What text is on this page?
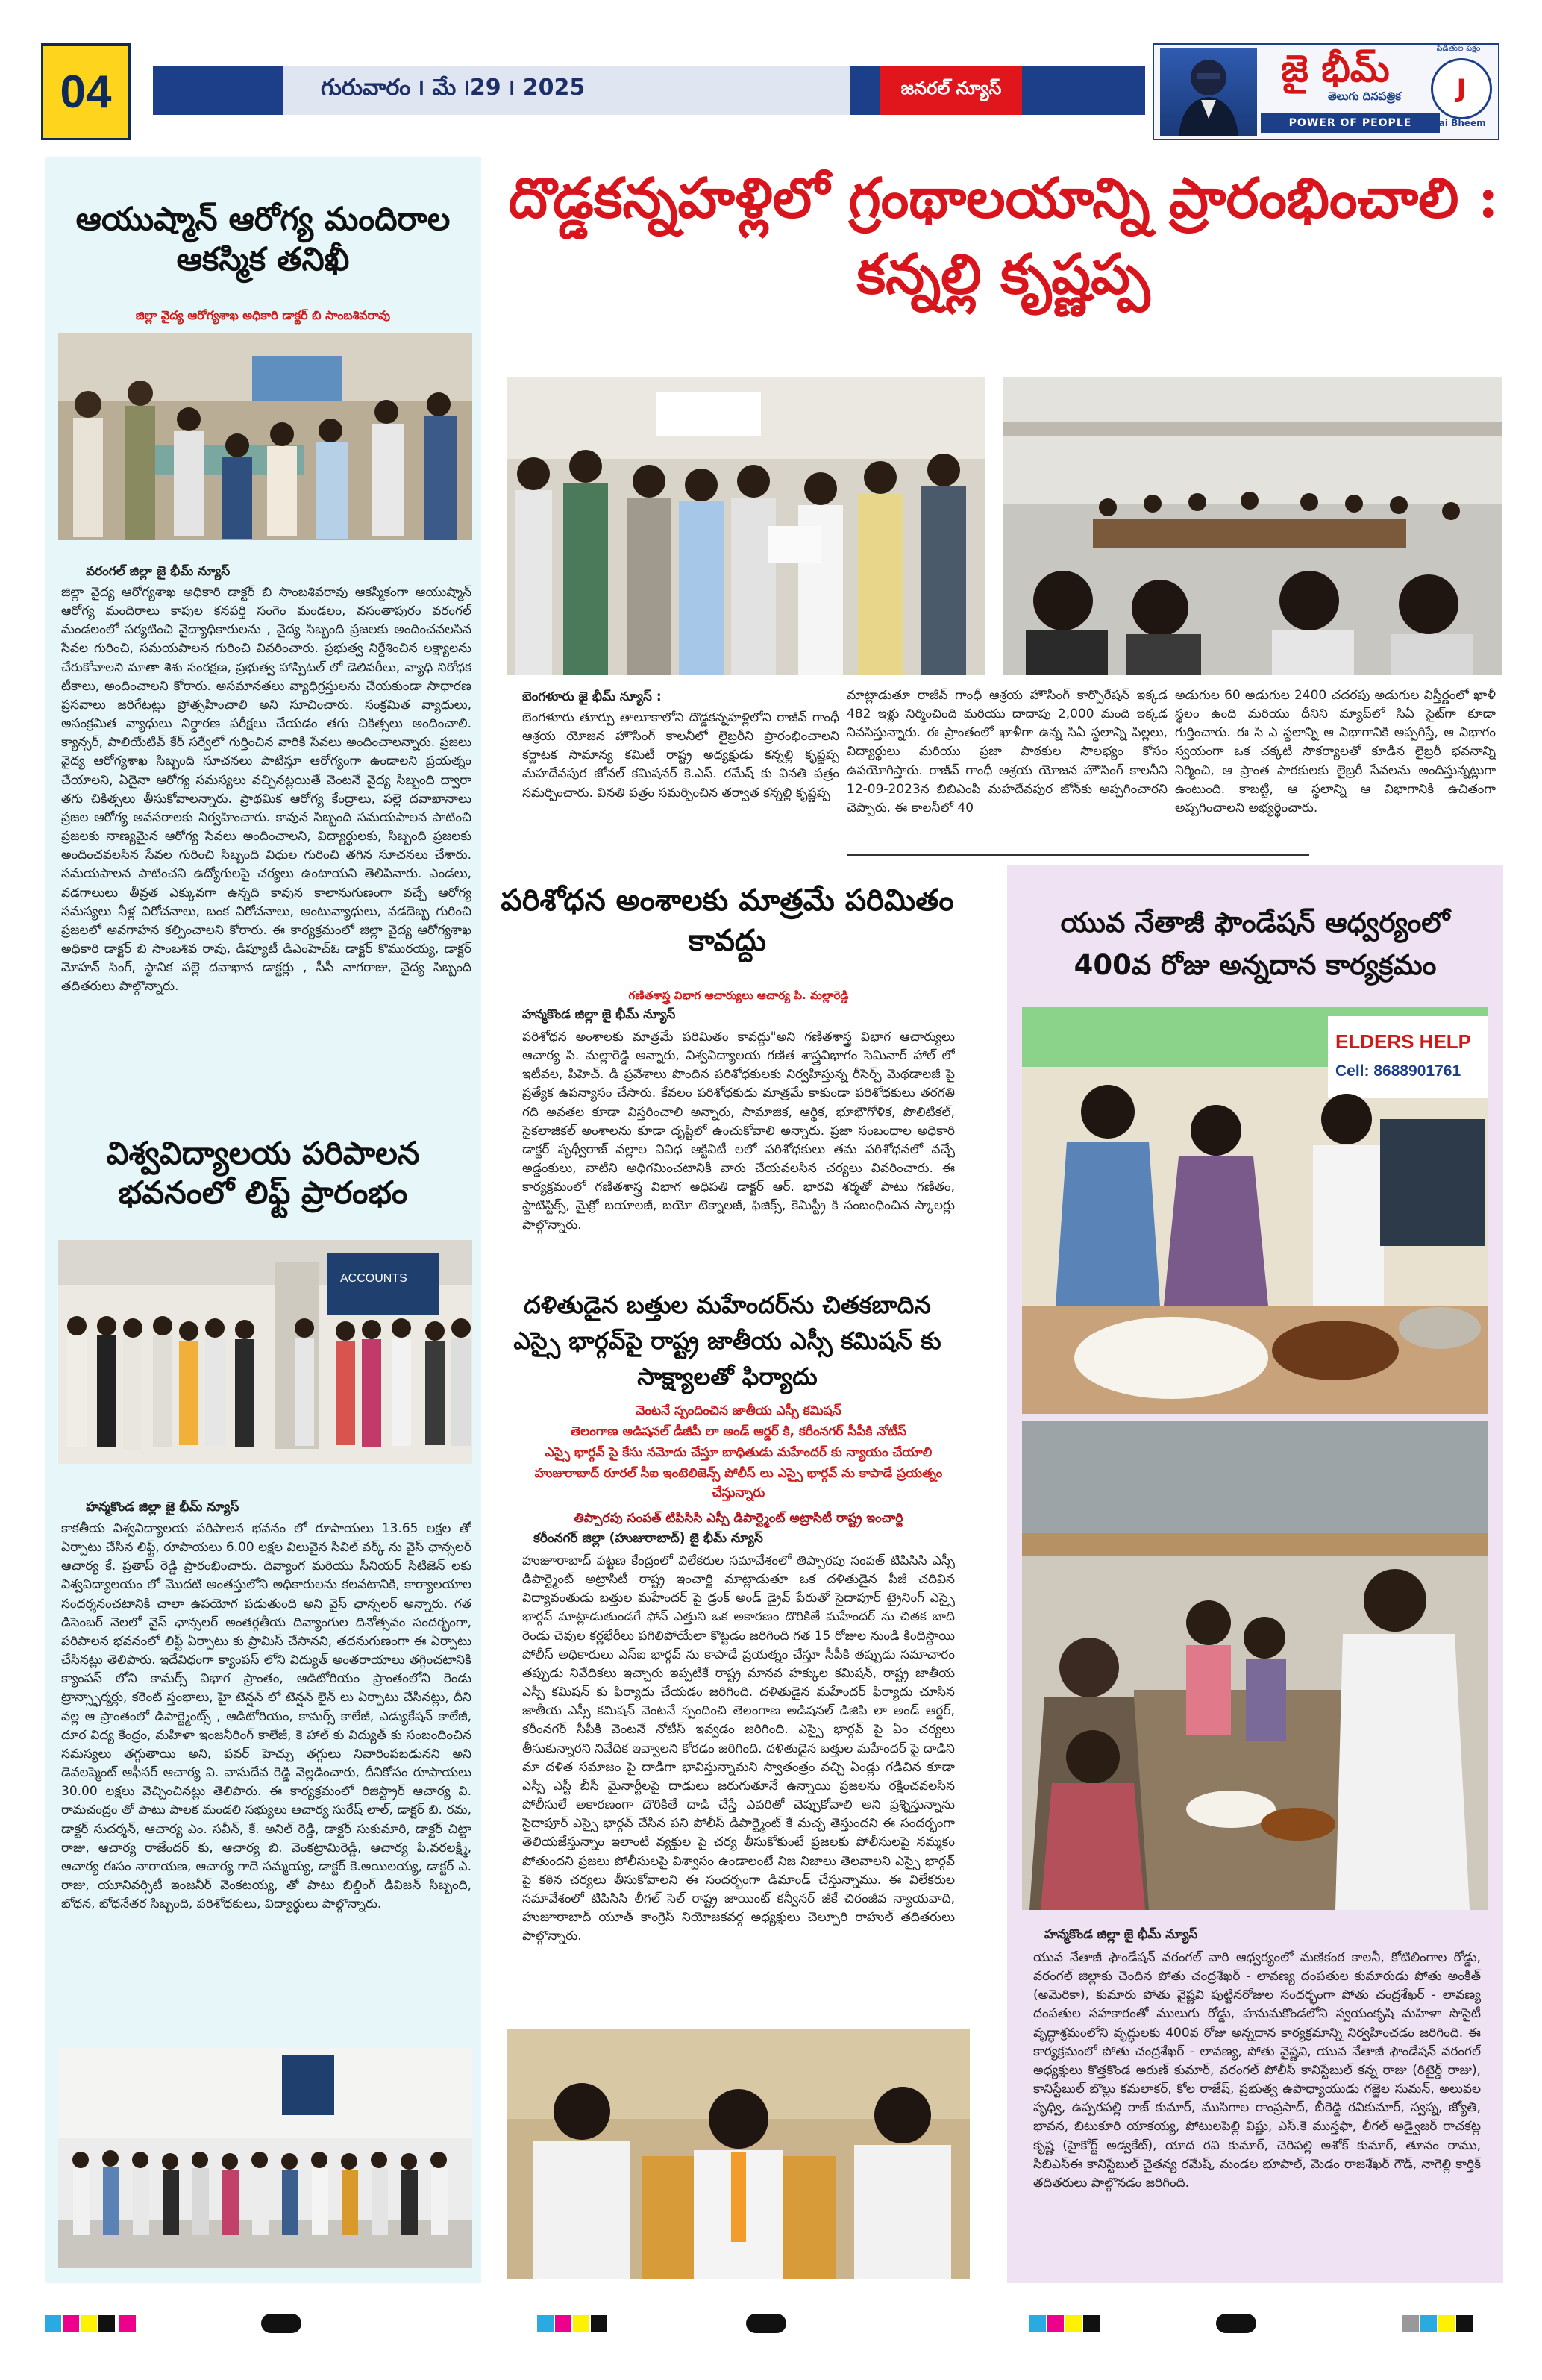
04	గురువారం ౹ మే ౹29 ౹ 2025	జనరల్ న్యూస్	జై భీమ్
తెలుగు దినపత్రిక
POWER OF PEOPLE
J
Jai Bheem
పీడితుల పక్షం
ఆయుష్మాన్ ఆరోగ్య మందిరాల ఆకస్మిక తనిఖీ
జిల్లా వైద్య ఆరోగ్యశాఖ అధికారి డాక్టర్ బి సాంబశివరావు
వరంగల్ జిల్లా జై భీమ్ న్యూస్
జిల్లా వైద్య ఆరోగ్యశాఖ అధికారి డాక్టర్ బి సాంబశివరావు ఆకస్మికంగా ఆయుష్మాన్ ఆరోగ్య మందిరాలు కాపుల కనపర్తి సంగెం మండలం, వసంతాపురం వరంగల్ మండలంలో పర్యటించి వైద్యాధికారులను , వైద్య సిబ్బంది ప్రజలకు అందించవలసిన సేవల గురించి, సమయపాలన గురించి వివరించారు. ప్రభుత్వ నిర్దేశించిన లక్ష్యాలను చేరుకోవాలని మాతా శిశు సంరక్షణ, ప్రభుత్వ హాస్పిటల్ లో డెలివరీలు, వ్యాధి నిరోధక టీకాలు, అందించాలని కోరారు. అసమానతలు వ్యాధిగ్రస్తులను చేయకుండా సాధారణ ప్రసవాలు జరిగేటట్లు ప్రోత్సహించాలి అని సూచించారు. సంక్రమిత వ్యాధులు, అసంక్రమిత వ్యాధులు నిర్ధారణ పరీక్షలు చేయడం తగు చికిత్సలు అందించాలి. క్యాన్సర్, పాలియేటివ్ కేర్ సర్వేలో గుర్తించిన వారికి సేవలు అందించాలన్నారు. ప్రజలు వైద్య ఆరోగ్యశాఖ సిబ్బంది సూచనలు పాటిస్తూ ఆరోగ్యంగా ఉండాలని ప్రయత్నం చేయాలని, ఏదైనా ఆరోగ్య సమస్యలు వచ్చినట్లయితే వెంటనే వైద్య సిబ్బంది ద్వారా తగు చికిత్సలు తీసుకోవాలన్నారు. ప్రాథమిక ఆరోగ్య కేంద్రాలు, పల్లె దవాఖానాలు ప్రజల ఆరోగ్య అవసరాలకు నిర్వహించారు. కావున సిబ్బంది సమయపాలన పాటించి ప్రజలకు నాణ్యమైన ఆరోగ్య సేవలు అందించాలని, విద్యార్థులకు, సిబ్బంది ప్రజలకు అందించవలసిన సేవల గురించి సిబ్బంది విధుల గురించి తగిన సూచనలు చేశారు. సమయపాలన పాటించని ఉద్యోగులపై చర్యలు ఉంటాయని తెలిపినారు. ఎండలు, వడగాలులు తీవ్రత ఎక్కువగా ఉన్నది కావున కాలానుగుణంగా వచ్చే ఆరోగ్య సమస్యలు నీళ్ల విరోచనాలు, బంక విరోచనాలు, అంటువ్యాధులు, వడదెబ్బ గురించి ప్రజలలో అవగాహన కల్పించాలని కోరారు. ఈ కార్యక్రమంలో జిల్లా వైద్య ఆరోగ్యశాఖ అధికారి డాక్టర్ బి సాంబశివ రావు, డిప్యూటీ డిఎంహెచ్ఓ డాక్టర్ కొమురయ్య, డాక్టర్ మోహన్ సింగ్, స్థానిక పల్లె దవాఖాన డాక్టర్లు , సీసీ నాగరాజు, వైద్య సిబ్బంది తదితరులు పాల్గొన్నారు.
విశ్వవిద్యాలయ పరిపాలన భవనంలో లిఫ్ట్ ప్రారంభం
ACCOUNTS
హన్మకొండ జిల్లా జై భీమ్ న్యూస్
కాకతీయ విశ్వవిద్యాలయ పరిపాలన భవనం లో రూపాయలు 13.65 లక్షల తో ఏర్పాటు చేసిన లిఫ్ట్, రూపాయలు 6.00 లక్షల విలువైన సివిల్ వర్క్ ను వైస్ ఛాన్సలర్ ఆచార్య కే. ప్రతాప్ రెడ్డి ప్రారంభించారు. దివ్యాంగ మరియు సీనియర్ సిటిజెన్ లకు విశ్వవిద్యాలయం లో మొదటి అంతస్తులోని అధికారులను కలవటానికి, కార్యాలయాల సందర్శనంచటానికి చాలా ఉపయోగ పడుతుంది అని వైస్ ఛాన్సలర్ అన్నారు. గత డిసెంబర్ నెలలో వైస్ ఛాన్సలర్ అంతర్గతీయ దివ్యాంగుల దినోత్సవం సందర్భంగా, పరిపాలన భవనంలో లిఫ్ట్ ఏర్పాటు కు ప్రామిస్ చేసానని, తదనుగుణంగా ఈ ఏర్పాటు చేసినట్లు తెలిపారు. ఇదేవిధంగా క్యాంపస్ లోని విద్యుత్ అంతరాయాలు తగ్గించటానికి క్యాంపస్ లోని కామర్స్ విభాగ ప్రాంతం, ఆడిటోరియం ప్రాంతంలోని రెండు ట్రాన్స్ఫార్మర్లు, కరెంట్ స్తంభాలు, హై టెన్షన్ లో టెన్షన్ లైన్ లు ఏర్పాటు చేసినట్లు, దీని వల్ల ఆ ప్రాంతంలో డిపార్ట్మెంట్స్ , ఆడిటోరియం, కామర్స్ కాలేజీ, ఎడ్యుకేషన్ కాలేజీ, దూర విద్య కేంద్రం, మహిళా ఇంజనీరింగ్ కాలేజీ, కె హాల్ కు విద్యుత్ కు సంబందించిన సమస్యలు తగ్గుతాయి అని, పవర్ హెచ్చు తగ్గులు నివారింపబడునని అని డెవలప్మెంట్ ఆఫీసర్ ఆచార్య వి. వాసుదేవ రెడ్డి వెల్లడించారు, దీనికోసం రూపాయలు 30.00 లక్షలు వెచ్చించినట్లు తెలిపారు. ఈ కార్యక్రమంలో రిజిస్ట్రార్ ఆచార్య వి. రామచంద్రం తో పాటు పాలక మండలి సభ్యులు ఆచార్య సురేష్ లాల్, డాక్టర్ బి. రమ, డాక్టర్ సుదర్శన్, ఆచార్య ఎం. సవీన్, కే. అనిల్ రెడ్డి, డాక్టర్ సుకుమారి, డాక్టర్ చిట్టా రాజు, ఆచార్య రాజేందర్ కు, ఆచార్య బి. వెంకట్రామిరెడ్డి, ఆచార్య పి.వరలక్ష్మి, ఆచార్య ఈసం నారాయణ, ఆచార్య గాదె సమ్మయ్య, డాక్టర్ కె.అయిలయ్య, డాక్టర్ ఎ. రాజు, యూనివర్సిటీ ఇంజనీర్ వెంకటయ్య, తో పాటు బిల్డింగ్ డివిజన్ సిబ్బంది, బోధన, బోధనేతర సిబ్బంది, పరిశోధకులు, విద్యార్థులు పాల్గొన్నారు.
దొడ్డకన్నహళ్లిలో గ్రంథాలయాన్ని ప్రారంభించాలి : కన్నల్లి కృష్ణప్ప
బెంగళూరు జై భీమ్ న్యూస్ :
బెంగళూరు తూర్పు తాలూకాలోని దొడ్డకన్నహళ్లిలోని రాజీవ్ గాంధీ ఆశ్రయ యోజన హౌసింగ్ కాలనీలో లైబ్రరీని ప్రారంభించాలని కర్ణాటక సామాన్య కమిటీ రాష్ట్ర అధ్యక్షుడు కన్నల్లి కృష్ణప్ప మహదేవపుర జోనల్ కమిషనర్ కె.ఎస్. రమేష్ కు వినతి పత్రం సమర్పించారు. వినతి పత్రం సమర్పించిన తర్వాత కన్నల్లి కృష్ణప్ప
మాట్లాడుతూ రాజీవ్ గాంధీ ఆశ్రయ హౌసింగ్ కార్పొరేషన్ ఇక్కడ 482 ఇళ్లు నిర్మించింది మరియు దాదాపు 2,000 మంది ఇక్కడ నివసిస్తున్నారు. ఈ ప్రాంతంలో ఖాళీగా ఉన్న సిఏ స్థలాన్ని పిల్లలు, విద్యార్థులు మరియు ప్రజా పాఠకుల సౌలభ్యం కోసం ఉపయోగిస్తారు. రాజీవ్ గాంధీ ఆశ్రయ యోజన హౌసింగ్ కాలనీని 12-09-2023న బిబిఎంపి మహదేవపుర జోన్‌కు అప్పగించారని చెప్పారు. ఈ కాలనీలో 40
అడుగుల 60 అడుగుల 2400 చదరపు అడుగుల విస్తీర్ణంలో ఖాళీ స్థలం ఉంది మరియు దీనిని మ్యాప్‌లో సిఏ సైట్‌గా కూడా గుర్తించారు. ఈ సి ఎ స్థలాన్ని ఆ విభాగానికి అప్పగిస్తే, ఆ విభాగం స్వయంగా ఒక చక్కటి సౌకర్యాలతో కూడిన లైబ్రరీ భవనాన్ని నిర్మించి, ఆ ప్రాంత పాఠకులకు లైబ్రరీ సేవలను అందిస్తున్నట్లుగా ఉంటుంది. కాబట్టి, ఆ స్థలాన్ని ఆ విభాగానికి ఉచితంగా అప్పగించాలని అభ్యర్థించారు.
పరిశోధన అంశాలకు మాత్రమే పరిమితం కావద్దు
గణితశాస్త్ర విభాగ ఆచార్యులు ఆచార్య పి. మల్లారెడ్డి
హన్మకొండ జిల్లా జై భీమ్ న్యూస్
పరిశోధన అంశాలకు మాత్రమే పరిమితం కావద్దు"అని గణితశాస్త్ర విభాగ ఆచార్యులు ఆచార్య పి. మల్లారెడ్డి అన్నారు, విశ్వవిద్యాలయ గణిత శాస్త్రవిభాగం సెమినార్ హాల్ లో ఇటీవల, పిహెచ్. డి ప్రవేశాలు పొందిన పరిశోధకులకు నిర్వహిస్తున్న రీసెర్చ్ మెథడాలజీ పై ప్రత్యేక ఉపన్యాసం చేసారు. కేవలం పరిశోధకుడు మాత్రమే కాకుండా పరిశోధకులు తరగతి గది అవతల కూడా విస్తరించాలి అన్నారు, సామాజిక, ఆర్థిక, భూభౌగోళిక, పొలిటికల్, సైకలాజికల్ అంశాలను కూడా దృష్టిలో ఉంచుకోవాలి అన్నారు. ప్రజా సంబంధాల అధికారి డాక్టర్ పృథ్వీరాజ్ వల్లాల వివిధ ఆక్టివిటీ లలో పరిశోధకులు తమ పరిశోధనలో వచ్చే అడ్డంకులు, వాటిని అధిగమించటానికి వారు చేయవలసిన చర్యలు వివరించారు. ఈ కార్యక్రమంలో గణితశాస్త్ర విభాగ అధిపతి డాక్టర్ ఆర్. భారవి శర్మతో పాటు గణితం, స్టాటిస్టిక్స్, మైక్రో బయాలజీ, బయో టెక్నాలజీ, ఫిజిక్స్, కెమిస్ట్రీ కి సంబంధించిన స్కాలర్లు పాల్గొన్నారు.
దళితుడైన బత్తుల మహేందర్‌ను చితకబాదిన ఎస్సై భార్గవ్‌పై రాష్ట్ర జాతీయ ఎస్సీ కమిషన్ కు సాక్ష్యాలతో ఫిర్యాదు
వెంటనే స్పందించిన జాతీయ ఎస్సీ కమిషన్
తెలంగాణ అడిషనల్ డీజీపీ లా అండ్ ఆర్డర్ కి, కరీంనగర్ సీపీకి నోటీస్
ఎస్సై భార్గవ్ పై కేసు నమోదు చేస్తూ బాధితుడు మహేందర్ కు న్యాయం చేయాలి
హుజురాబాద్ రూరల్ సీఐ ఇంటెలిజెన్స్ పోలీస్ లు ఎస్సై భార్గవ్ ను కాపాడే ప్రయత్నం చేస్తున్నారు
తిప్పారపు సంపత్ టిపిసిసి ఎస్సీ డిపార్ట్మెంట్ అట్రాసిటీ రాష్ట్ర ఇంచార్జి
కరీంనగర్ జిల్లా (హుజురాబాద్) జై భీమ్ న్యూస్
హుజూరాబాద్ పట్టణ కేంద్రంలో విలేకరుల సమావేశంలో తిప్పారపు సంపత్ టిపిసిసి ఎస్సీ డిపార్ట్మెంట్ అట్రాసిటీ రాష్ట్ర ఇంచార్జి మాట్లాడుతూ ఒక దళితుడైన పీజీ చదివిన విద్యావంతుడు బత్తుల మహేందర్ పై డ్రంక్ అండ్ డ్రైవ్ పేరుతో సైదాపూర్ ట్రైనింగ్ ఎస్సై భార్గవ్ మాట్లాడుతుండగే ఫోన్ ఎత్తుని ఒక అకారణం దొరికితే మహేందర్ ను చితక బాది రెండు చెవుల కర్ణభేరీలు పగిలిపోయేలా కొట్టడం జరిగింది గత 15 రోజుల నుండి కిందిస్థాయి పోలీస్ అధికారులు ఎస్ఐ భార్గవ్ ను కాపాడే ప్రయత్నం చేస్తూ సీపీకి తప్పుడు సమాచారం తప్పుడు నివేదికలు ఇచ్చారు ఇప్పటికే రాష్ట్ర మానవ హక్కుల కమిషన్, రాష్ట్ర జాతీయ ఎస్సీ కమిషన్ కు ఫిర్యాదు చేయడం జరిగింది. దళితుడైన మహేందర్ ఫిర్యాదు చూసిన జాతీయ ఎస్సీ కమిషన్ వెంటనే స్పందించి తెలంగాణ అడిషనల్ డిజిపి లా అండ్ ఆర్డర్, కరీంనగర్ సీపీకి వెంటనే నోటీస్ ఇవ్వడం జరిగింది. ఎస్సై భార్గవ్ పై ఏం చర్యలు తీసుకున్నారని నివేదిక ఇవ్వాలని కోరడం జరిగింది. దళితుడైన బత్తుల మహేందర్ పై దాడిని మా దళిత సమాజం పై దాడిగా భావిస్తున్నామని స్వాతంత్రం వచ్చి ఏండ్లు గడిచిన కూడా ఎస్సీ ఎస్టీ బీసీ మైనార్టీలపై దాడులు జరుగుతూనే ఉన్నాయి ప్రజలను రక్షించవలసిన పోలీసులే అకారణంగా దొరికితే దాడి చేస్తే ఎవరితో చెప్పుకోవాలి అని ప్రశ్నిస్తున్నాను సైదాపూర్ ఎస్సై భార్గవ్ చేసిన పని పోలీస్ డిపార్ట్మెంట్ కే మచ్చ తెస్తుందని ఈ సందర్భంగా తెలియజేస్తున్నాం ఇలాంటి వ్యక్తుల పై చర్య తీసుకోకుంటే ప్రజలకు పోలీసులపై నమ్మకం పోతుందని ప్రజలు పోలీసులపై విశ్వాసం ఉండాలంటే నిజ నిజాలు తెలవాలని ఎస్సై భార్గవ్ పై కఠిన చర్యలు తీసుకోవాలని ఈ సందర్భంగా డిమాండ్ చేస్తున్నాము. ఈ విలేకరుల సమావేశంలో టిపిసిసి లీగల్ సెల్ రాష్ట్ర జాయింట్ కన్వీనర్ జీకే చిరంజీవ న్యాయవాది, హుజూరాబాద్ యూత్ కాంగ్రెస్ నియోజకవర్గ అధ్యక్షులు చెల్పూరి రాహుల్ తదితరులు పాల్గొన్నారు.
యువ నేతాజీ ఫౌండేషన్ ఆధ్వర్యంలో 400వ రోజు అన్నదాన కార్యక్రమం
ELDERS HELP
Cell: 8688901761
హన్మకొండ జిల్లా జై భీమ్ న్యూస్
యువ నేతాజీ ఫౌండేషన్ వరంగల్ వారి ఆధ్వర్యంలో మణికంఠ కాలనీ, కోటిలింగాల రోడ్డు, వరంగల్ జిల్లాకు చెందిన పోతు చంద్రశేఖర్ - లావణ్య దంపతుల కుమారుడు పోతు అంకిత్ (అమెరికా), కుమారు పోతు వైష్ణవి పుట్టినరోజుల సందర్భంగా పోతు చంద్రశేఖర్ - లావణ్య దంపతుల సహకారంతో ములుగు రోడ్డు, హనుమకొండలోని స్వయంకృషి మహిళా సొసైటీ వృద్ధాశ్రమంలోని వృద్ధులకు 400వ రోజు అన్నదాన కార్యక్రమాన్ని నిర్వహించడం జరిగింది. ఈ కార్యక్రమంలో పోతు చంద్రశేఖర్ - లావణ్య, పోతు వైష్ణవి, యువ నేతాజీ ఫౌండేషన్ వరంగల్ అధ్యక్షులు కొత్తకొండ అరుణ్ కుమార్, వరంగల్ పోలీస్ కానిస్టేబుల్ కన్న రాజు (రిటైర్డ్ రాజు), కానిస్టేబుల్ బొల్లు కమలాకర్, కోల రాజేష్, ప్రభుత్వ ఉపాధ్యాయుడు గజ్జెల సుమన్, అలువల పృధ్వి, ఉప్పరపల్లి రాజ్ కుమార్, ముసిగాల రాంప్రసాద్, బీరెడ్డి రవికుమార్, స్వప్న, జ్యోతి, భావన, బిటుకూరి యాకయ్య, పోటులపెల్లి విష్ణు, ఎస్.కె ముస్తఫా, లీగల్ అడ్వైజర్ రాచకట్ల కృష్ణ (హైకోర్ట్ అడ్వకేట్), యాద రవి కుమార్, చెరిపల్లి అశోక్ కుమార్, తూనం రాము, సిబిఎస్‌ఈ కానిస్టేబుల్ చైతన్య రమేష్, మండల భూపాల్, మెడం రాజశేఖర్ గౌడ్, నాగెల్లి కార్తిక్ తదితరులు పాల్గొనడం జరిగింది.
